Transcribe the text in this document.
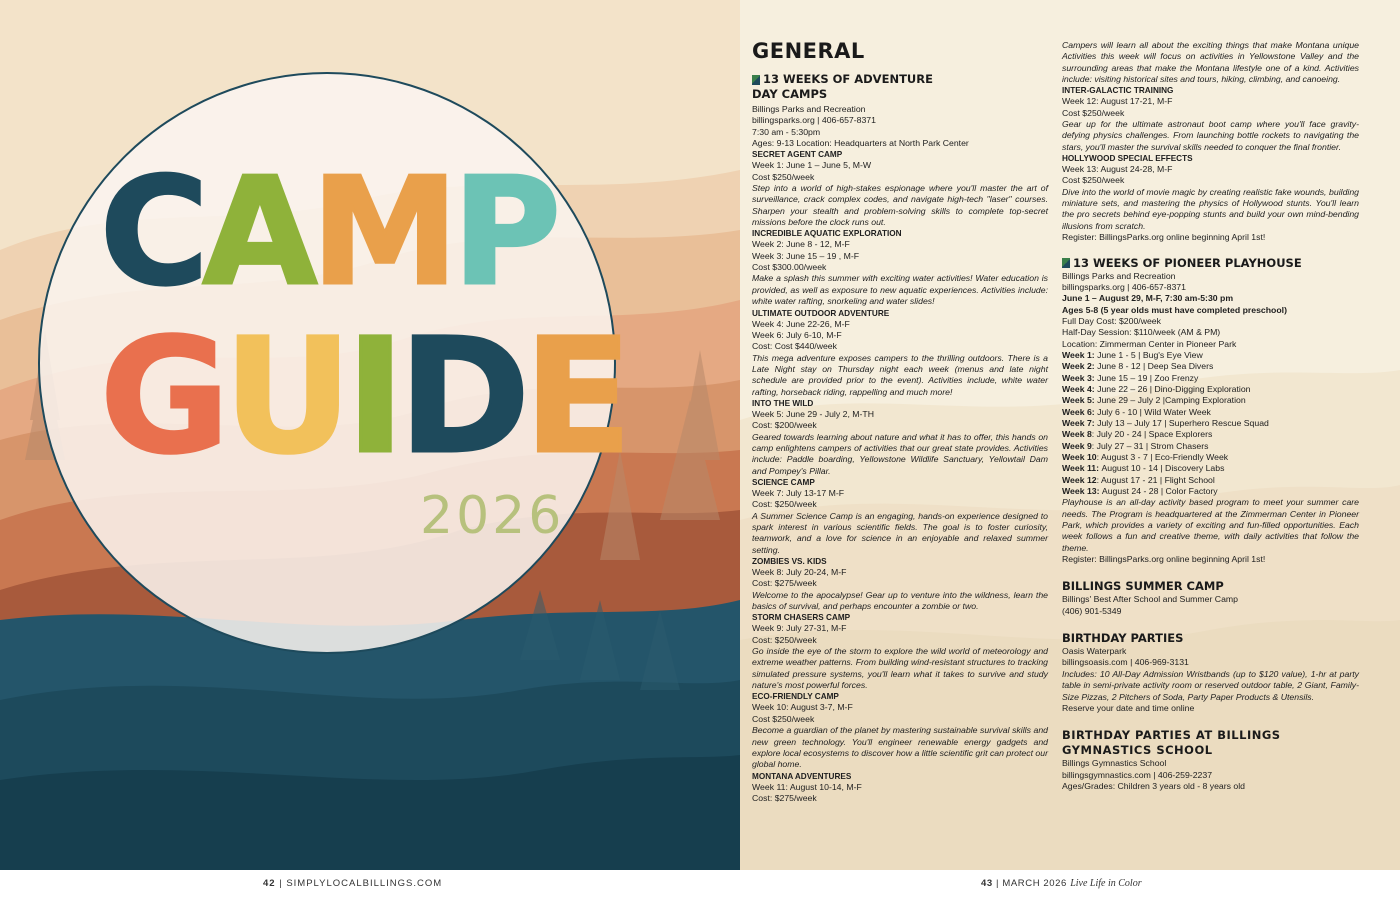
CAMP
GUIDE
2026
GENERAL
13 WEEKS OF ADVENTURE
DAY CAMPS
Billings Parks and Recreation
billingsparks.org | 406-657-8371
7:30 am - 5:30pm
Ages: 9-13 Location: Headquarters at North Park Center
SECRET AGENT CAMP
Week 1: June 1 – June 5, M-W
Cost $250/week
Step into a world of high-stakes espionage where you'll master the art of surveillance, crack complex codes, and navigate high-tech "laser" courses. Sharpen your stealth and problem-solving skills to complete top-secret missions before the clock runs out.
INCREDIBLE AQUATIC EXPLORATION
Week 2: June 8 - 12, M-F
Week 3: June 15 – 19 , M-F
Cost $300.00/week
Make a splash this summer with exciting water activities! Water education is provided, as well as exposure to new aquatic experiences. Activities include: white water rafting, snorkeling and water slides!
ULTIMATE OUTDOOR ADVENTURE
Week 4: June 22-26, M-F
Week 6: July 6-10, M-F
Cost: Cost $440/week
This mega adventure exposes campers to the thrilling outdoors. There is a Late Night stay on Thursday night each week (menus and late night schedule are provided prior to the event). Activities include, white water rafting, horseback riding, rappelling and much more!
INTO THE WILD
Week 5: June 29 - July 2, M-TH
Cost: $200/week
Geared towards learning about nature and what it has to offer, this hands on camp enlightens campers of activities that our great state provides. Activities include: Paddle boarding, Yellowstone Wildlife Sanctuary, Yellowtail Dam and Pompey's Pillar.
SCIENCE CAMP
Week 7: July 13-17 M-F
Cost: $250/week
A Summer Science Camp is an engaging, hands-on experience designed to spark interest in various scientific fields. The goal is to foster curiosity, teamwork, and a love for science in an enjoyable and relaxed summer setting.
ZOMBIES VS. KIDS
Week 8: July 20-24, M-F
Cost: $275/week
Welcome to the apocalypse! Gear up to venture into the wildness, learn the basics of survival, and perhaps encounter a zombie or two.
STORM CHASERS CAMP
Week 9: July 27-31, M-F
Cost: $250/week
Go inside the eye of the storm to explore the wild world of meteorology and extreme weather patterns. From building wind-resistant structures to tracking simulated pressure systems, you'll learn what it takes to survive and study nature's most powerful forces.
ECO-FRIENDLY CAMP
Week 10: August 3-7, M-F
Cost $250/week
Become a guardian of the planet by mastering sustainable survival skills and new green technology. You'll engineer renewable energy gadgets and explore local ecosystems to discover how a little scientific grit can protect our global home.
MONTANA ADVENTURES
Week 11: August 10-14, M-F
Cost: $275/week
Campers will learn all about the exciting things that make Montana unique Activities this week will focus on activities in Yellowstone Valley and the surrounding areas that make the Montana lifestyle one of a kind. Activities include: visiting historical sites and tours, hiking, climbing, and canoeing.
INTER-GALACTIC TRAINING
Week 12: August 17-21, M-F
Cost $250/week
Gear up for the ultimate astronaut boot camp where you'll face gravity-defying physics challenges. From launching bottle rockets to navigating the stars, you'll master the survival skills needed to conquer the final frontier.
HOLLYWOOD SPECIAL EFFECTS
Week 13: August 24-28, M-F
Cost $250/week
Dive into the world of movie magic by creating realistic fake wounds, building miniature sets, and mastering the physics of Hollywood stunts. You'll learn the pro secrets behind eye-popping stunts and build your own mind-bending illusions from scratch.
Register: BillingsParks.org online beginning April 1st!
13 WEEKS OF PIONEER PLAYHOUSE
Billings Parks and Recreation
billingsparks.org | 406-657-8371
June 1 – August 29, M-F, 7:30 am-5:30 pm
Ages 5-8 (5 year olds must have completed preschool)
Full Day Cost: $200/week
Half-Day Session: $110/week (AM & PM)
Location: Zimmerman Center in Pioneer Park
Week 1: June 1 - 5 | Bug's Eye View
Week 2: June 8 - 12 | Deep Sea Divers
Week 3: June 15 – 19 | Zoo Frenzy
Week 4: June 22 – 26 | Dino-Digging Exploration
Week 5: June 29 – July 2 |Camping Exploration
Week 6: July 6 - 10 | Wild Water Week
Week 7: July 13 – July 17 | Superhero Rescue Squad
Week 8: July 20 - 24 | Space Explorers
Week 9: July 27 – 31 | Strom Chasers
Week 10: August 3 - 7 | Eco-Friendly Week
Week 11: August 10 - 14 | Discovery Labs
Week 12: August 17 - 21 | Flight School
Week 13: August 24 - 28 | Color Factory
Playhouse is an all-day activity based program to meet your summer care needs. The Program is headquartered at the Zimmerman Center in Pioneer Park, which provides a variety of exciting and fun-filled opportunities. Each week follows a fun and creative theme, with daily activities that follow the theme.
Register: BillingsParks.org online beginning April 1st!
BILLINGS SUMMER CAMP
Billings' Best After School and Summer Camp
(406) 901-5349
BIRTHDAY PARTIES
Oasis Waterpark
billingsoasis.com | 406-969-3131
Includes: 10 All-Day Admission Wristbands (up to $120 value), 1-hr at party table in semi-private activity room or reserved outdoor table, 2 Giant, Family-Size Pizzas, 2 Pitchers of Soda, Party Paper Products & Utensils.
Reserve your date and time online
BIRTHDAY PARTIES AT BILLINGS GYMNASTICS SCHOOL
Billings Gymnastics School
billingsgymnastics.com | 406-259-2237
Ages/Grades: Children 3 years old - 8 years old
42 | SIMPLYLOCALBILLINGS.COM	43 | MARCH 2026 Live Life in Color
